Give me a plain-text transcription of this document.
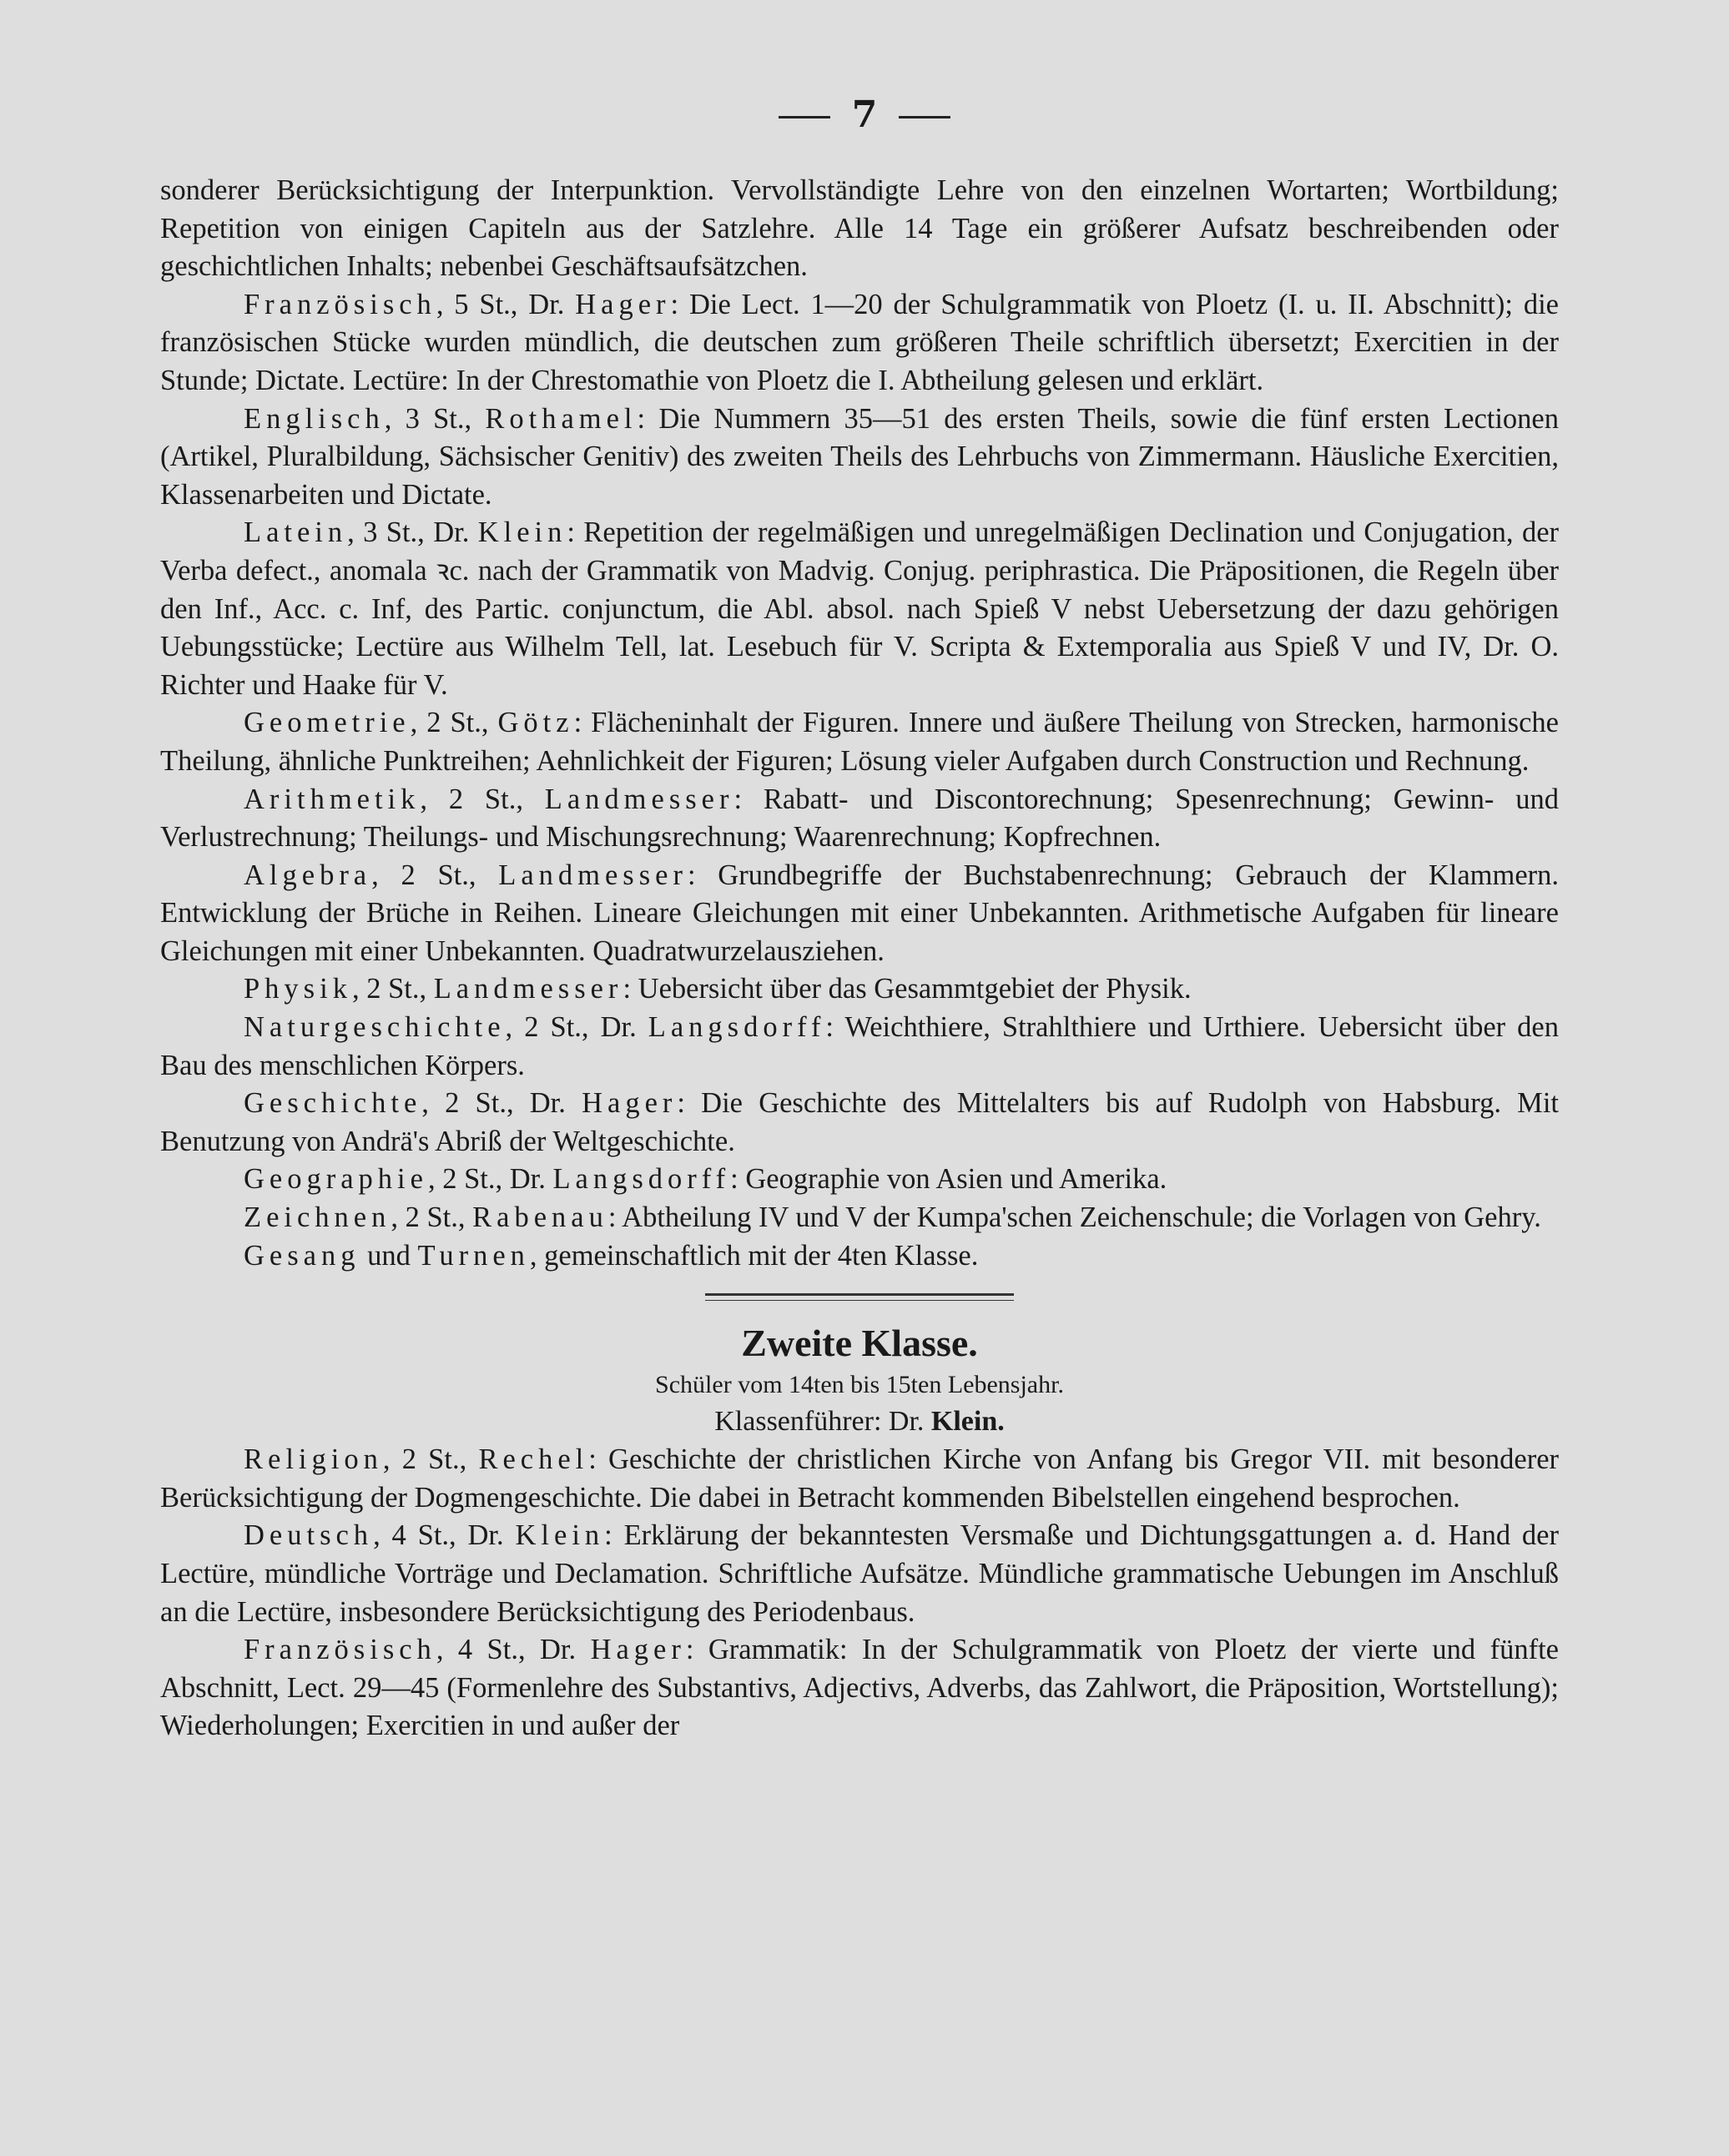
7

sonderer Berücksichtigung der Interpunktion. Vervollständigte Lehre von den einzelnen Wortarten; Wortbildung; Repetition von einigen Capiteln aus der Satzlehre. Alle 14 Tage ein größerer Aufsatz beschreibenden oder geschichtlichen Inhalts; nebenbei Geschäftsaufsätzchen.

Französisch, 5 St., Dr. Hager: Die Lect. 1—20 der Schulgrammatik von Ploetz (I. u. II. Abschnitt); die französischen Stücke wurden mündlich, die deutschen zum größeren Theile schriftlich übersetzt; Exercitien in der Stunde; Dictate. Lectüre: In der Chrestomathie von Ploetz die I. Abtheilung gelesen und erklärt.

Englisch, 3 St., Rothamel: Die Nummern 35—51 des ersten Theils, sowie die fünf ersten Lectionen (Artikel, Pluralbildung, Sächsischer Genitiv) des zweiten Theils des Lehrbuchs von Zimmermann. Häusliche Exercitien, Klassenarbeiten und Dictate.

Latein, 3 St., Dr. Klein: Repetition der regelmäßigen und unregelmäßigen Declination und Conjugation, der Verba defect., anomala ꝛc. nach der Grammatik von Madvig. Conjug. periphrastica. Die Präpositionen, die Regeln über den Inf., Acc. c. Inf, des Partic. conjunctum, die Abl. absol. nach Spieß V nebst Uebersetzung der dazu gehörigen Uebungsstücke; Lectüre aus Wilhelm Tell, lat. Lesebuch für V. Scripta & Extemporalia aus Spieß V und IV, Dr. O. Richter und Haake für V.

Geometrie, 2 St., Götz: Flächeninhalt der Figuren. Innere und äußere Theilung von Strecken, harmonische Theilung, ähnliche Punktreihen; Aehnlichkeit der Figuren; Lösung vieler Aufgaben durch Construction und Rechnung.

Arithmetik, 2 St., Landmesser: Rabatt- und Discontorechnung; Spesenrechnung; Gewinn- und Verlustrechnung; Theilungs- und Mischungsrechnung; Waarenrechnung; Kopfrechnen.

Algebra, 2 St., Landmesser: Grundbegriffe der Buchstabenrechnung; Gebrauch der Klammern. Entwicklung der Brüche in Reihen. Lineare Gleichungen mit einer Unbekannten. Arithmetische Aufgaben für lineare Gleichungen mit einer Unbekannten. Quadratwurzelausziehen.

Physik, 2 St., Landmesser: Uebersicht über das Gesammtgebiet der Physik.

Naturgeschichte, 2 St., Dr. Langsdorff: Weichthiere, Strahlthiere und Urthiere. Uebersicht über den Bau des menschlichen Körpers.

Geschichte, 2 St., Dr. Hager: Die Geschichte des Mittelalters bis auf Rudolph von Habsburg. Mit Benutzung von Andrä's Abriß der Weltgeschichte.

Geographie, 2 St., Dr. Langsdorff: Geographie von Asien und Amerika.

Zeichnen, 2 St., Rabenau: Abtheilung IV und V der Kumpa'schen Zeichenschule; die Vorlagen von Gehry.

Gesang und Turnen, gemeinschaftlich mit der 4ten Klasse.

Zweite Klasse.
Schüler vom 14ten bis 15ten Lebensjahr.
Klassenführer: Dr. Klein.

Religion, 2 St., Rechel: Geschichte der christlichen Kirche von Anfang bis Gregor VII. mit besonderer Berücksichtigung der Dogmengeschichte. Die dabei in Betracht kommenden Bibelstellen eingehend besprochen.

Deutsch, 4 St., Dr. Klein: Erklärung der bekanntesten Versmaße und Dichtungsgattungen a. d. Hand der Lectüre, mündliche Vorträge und Declamation. Schriftliche Aufsätze. Mündliche grammatische Uebungen im Anschluß an die Lectüre, insbesondere Berücksichtigung des Periodenbaus.

Französisch, 4 St., Dr. Hager: Grammatik: In der Schulgrammatik von Ploetz der vierte und fünfte Abschnitt, Lect. 29—45 (Formenlehre des Substantivs, Adjectivs, Adverbs, das Zahlwort, die Präposition, Wortstellung); Wiederholungen; Exercitien in und außer der
